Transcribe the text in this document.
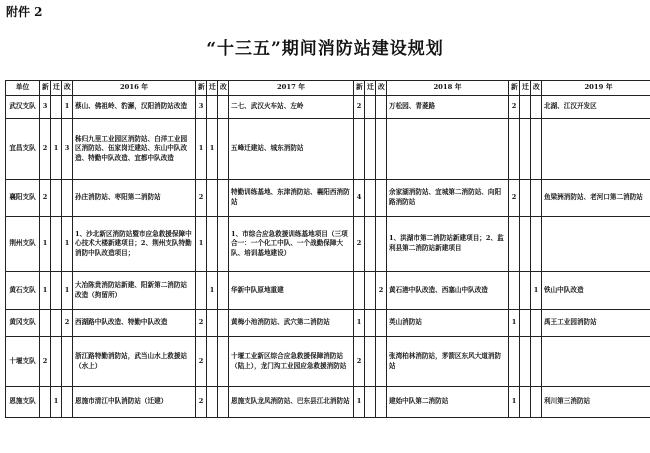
附件 2
“十三五”期间消防站建设规划
单位	新	迁	改	2016 年	新	迁	改	2017 年	新	迁	改	2018 年	新	迁	改	2019 年
武汉支队	3		1	蔡山、佛祖岭、豹澥，汉阳消防站改造	3			二七、武汉火车站、左岭	2			万松园、青菱路	2			北湖、江汉开发区
宜昌支队	2	1	3	秭归九里工业园区消防站、白洋工业园区消防站、伍家岗迁建站、东山中队改造、特勤中队改造、宜都中队改造	1	1		五峰迁建站、城东消防站								
襄阳支队	2			孙庄消防站、枣阳第二消防站	2			特勤训练基地、东津消防站、襄阳西消防站	4			余家湖消防站、宜城第二消防站、向阳路消防站	2			鱼梁洲消防站、老河口第二消防站
荆州支队	1		1	1、沙北新区消防站暨市应急救援保障中心技术大楼新建项目；2、荆州支队特勤消防中队改造项目；	1			1、市综合应急救援训练基地项目（三项合一：一个化工中队、一个战勤保障大队、培训基地建设）	2			1、洪湖市第二消防站新建项目；2、监利县第二消防站新建项目				
黄石支队	1		1	大冶陈贵消防站新建、阳新第二消防站改造（拘留所）		1		华新中队原地重建			2	黄石港中队改造、西塞山中队改造			1	铁山中队改造
黄冈支队			2	西湖路中队改造、特勤中队改造	2			黄梅小池消防站、武穴第二消防站	1			英山消防站	1			禹王工业园消防站
十堰支队	2			浙江路特勤消防站，武当山水上救援站（水上）	2			十堰工业新区综合应急救援保障消防站（陆上），龙门沟工业园应急救援消防站	2			张湾柏林消防站，茅箭区东风大道消防站				
恩施支队		1		恩施市清江中队消防站（迁建）	2			恩施支队龙凤消防站、巴东县江北消防站	1			建始中队第二消防站	1			利川第三消防站
